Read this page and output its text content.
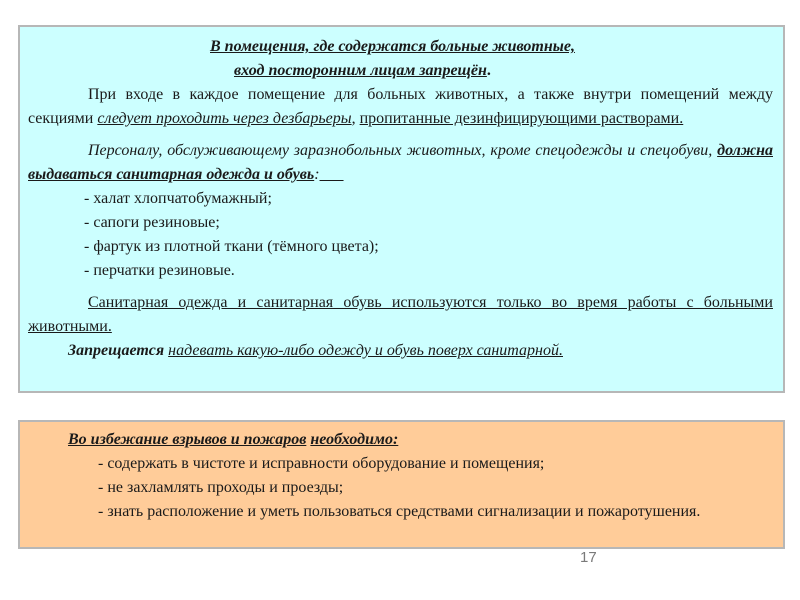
В помещения, где содержатся больные животные,

вход посторонним лицам запрещён.

При входе в каждое помещение для больных животных, а также внутри помещений между секциями следует проходить через дезбарьеры, пропитанные дезинфицирующими растворами.

Персоналу, обслуживающему заразнобольных животных, кроме спецодежды и спецобуви, должна выдаваться санитарная одежда и обувь:

- халат хлопчатобумажный;

- сапоги резиновые;

- фартук из плотной ткани (тёмного цвета);

- перчатки резиновые.

Санитарная одежда и санитарная обувь используются только во время работы с больными животными.

Запрещается надевать какую-либо одежду и обувь поверх санитарной.

Во избежание взрывов и пожаров необходимо:

- содержать в чистоте и исправности оборудование и помещения;

- не захламлять проходы и проезды;

- знать расположение и уметь пользоваться средствами сигнализации и пожаротушения.

17
